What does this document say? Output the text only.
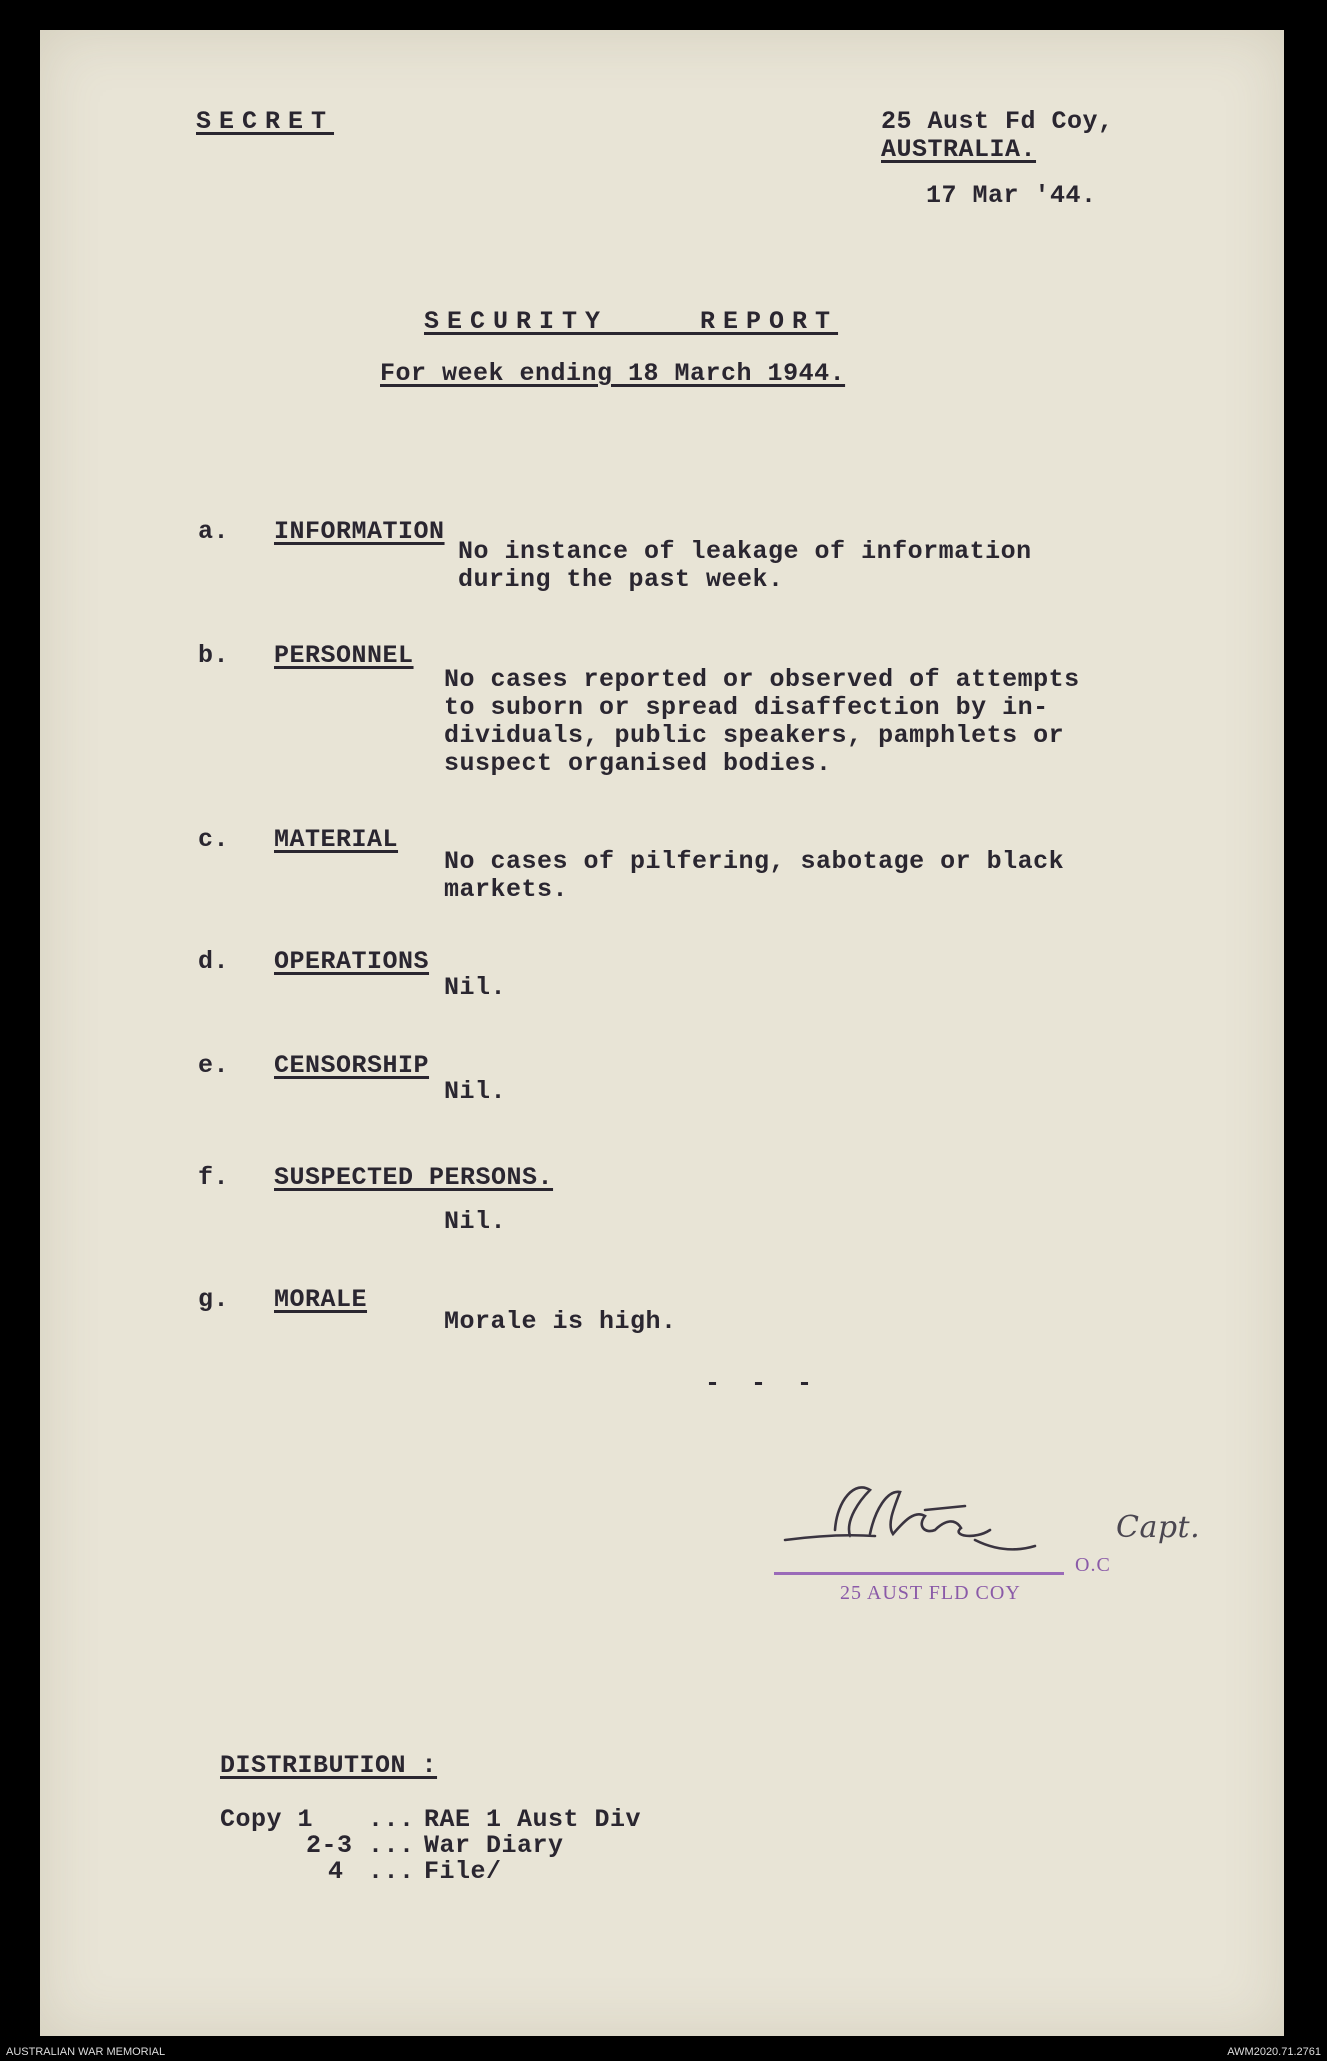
SECRET	25 Aust Fd Coy,
AUSTRALIA.
17 Mar '44.
SECURITY    REPORT
For week ending 18 March 1944.
a. INFORMATION
No instance of leakage of information
during the past week.
b. PERSONNEL
No cases reported or observed of attempts
to suborn or spread disaffection by in-
dividuals, public speakers, pamphlets or
suspect organised bodies.
c. MATERIAL
No cases of pilfering, sabotage or black
markets.
d. OPERATIONS
Nil.
e. CENSORSHIP
Nil.
f. SUSPECTED PERSONS.
Nil.
g. MORALE
Morale is high.
- - -
Capt.
O.C
25 AUST FLD COY
DISTRIBUTION :
Copy 1 ... RAE 1 Aust Div
2-3 ... War Diary
4 ... File/
AUSTRALIAN WAR MEMORIAL	AWM2020.71.2761
